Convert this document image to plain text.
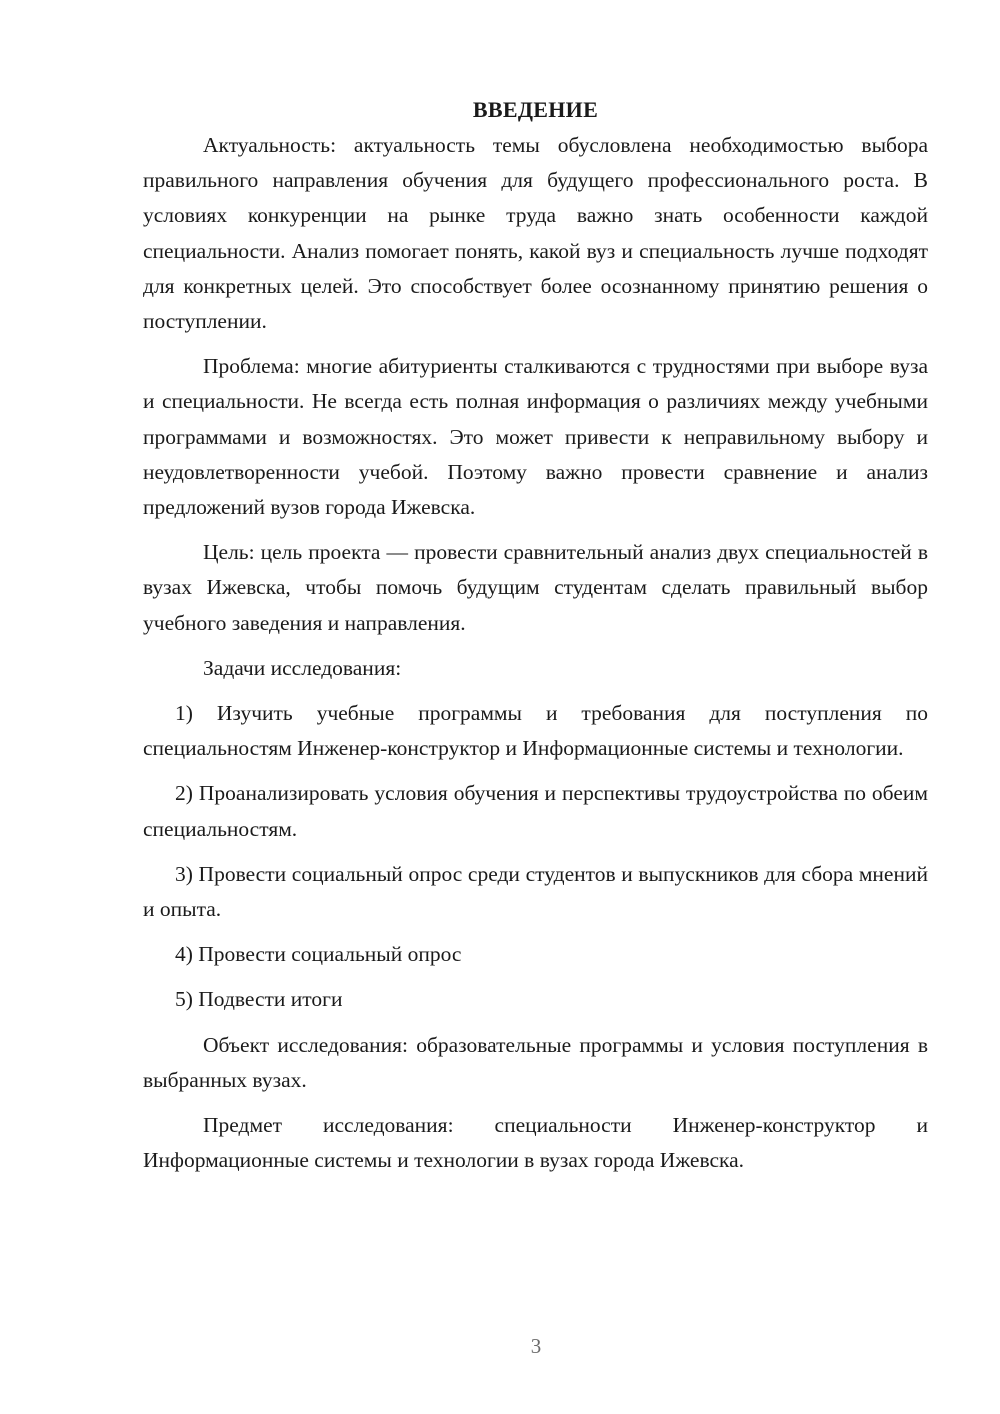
ВВЕДЕНИЕ

Актуальность: актуальность темы обусловлена необходимостью выбора правильного направления обучения для будущего профессионального роста. В условиях конкуренции на рынке труда важно знать особенности каждой специальности. Анализ помогает понять, какой вуз и специальность лучше подходят для конкретных целей. Это способствует более осознанному принятию решения о поступлении.

Проблема: многие абитуриенты сталкиваются с трудностями при выборе вуза и специальности. Не всегда есть полная информация о различиях между учебными программами и возможностях. Это может привести к неправильному выбору и неудовлетворенности учебой. Поэтому важно провести сравнение и анализ предложений вузов города Ижевска.

Цель: цель проекта — провести сравнительный анализ двух специальностей в вузах Ижевска, чтобы помочь будущим студентам сделать правильный выбор учебного заведения и направления.

Задачи исследования:

1) Изучить учебные программы и требования для поступления по специальностям Инженер-конструктор и Информационные системы и технологии.

2) Проанализировать условия обучения и перспективы трудоустройства по обеим специальностям.

3) Провести социальный опрос среди студентов и выпускников для сбора мнений и опыта.

4) Провести социальный опрос

5) Подвести итоги

Объект исследования: образовательные программы и условия поступления в выбранных вузах.

Предмет исследования: специальности Инженер-конструктор и Информационные системы и технологии в вузах города Ижевска.

3
